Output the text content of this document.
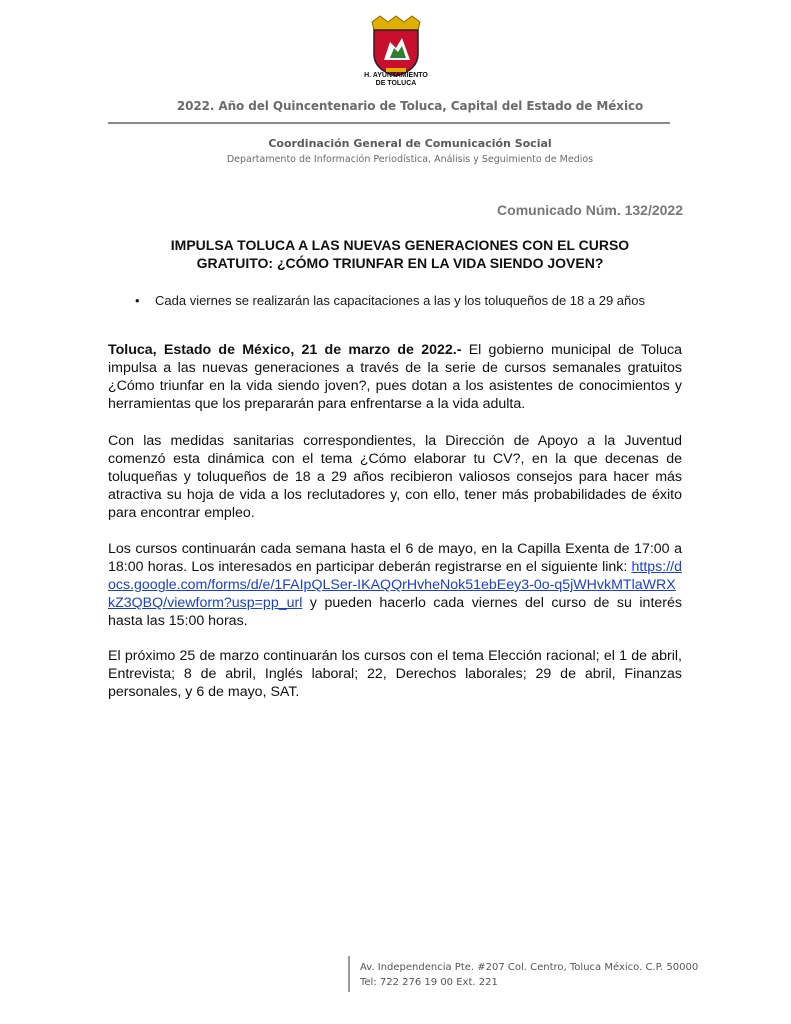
H. AYUNTAMIENTO
DE TOLUCA
2022. Año del Quincentenario de Toluca, Capital del Estado de México
Coordinación General de Comunicación Social
Departamento de Información Periodística, Análisis y Seguimiento de Medios
Comunicado Núm. 132/2022
IMPULSA TOLUCA A LAS NUEVAS GENERACIONES CON EL CURSO
GRATUITO: ¿CÓMO TRIUNFAR EN LA VIDA SIENDO JOVEN?
• Cada viernes se realizarán las capacitaciones a las y los toluqueños de 18 a 29 años
Toluca, Estado de México, 21 de marzo de 2022.- El gobierno municipal de Toluca impulsa a las nuevas generaciones a través de la serie de cursos semanales gratuitos ¿Cómo triunfar en la vida siendo joven?, pues dotan a los asistentes de conocimientos y herramientas que los prepararán para enfrentarse a la vida adulta.
Con las medidas sanitarias correspondientes, la Dirección de Apoyo a la Juventud comenzó esta dinámica con el tema ¿Cómo elaborar tu CV?, en la que decenas de toluqueñas y toluqueños de 18 a 29 años recibieron valiosos consejos para hacer más atractiva su hoja de vida a los reclutadores y, con ello, tener más probabilidades de éxito para encontrar empleo.
Los cursos continuarán cada semana hasta el 6 de mayo, en la Capilla Exenta de 17:00 a 18:00 horas. Los interesados en participar deberán registrarse en el siguiente link: https://docs.google.com/forms/d/e/1FAIpQLSer-IKAQQrHvheNok51ebEey3-0o-q5jWHvkMTlaWRXkZ3QBQ/viewform?usp=pp_url y pueden hacerlo cada viernes del curso de su interés hasta las 15:00 horas.
El próximo 25 de marzo continuarán los cursos con el tema Elección racional; el 1 de abril, Entrevista; 8 de abril, Inglés laboral; 22, Derechos laborales; 29 de abril, Finanzas personales, y 6 de mayo, SAT.
Av. Independencia Pte. #207 Col. Centro, Toluca México. C.P. 50000
Tel: 722 276 19 00 Ext. 221
